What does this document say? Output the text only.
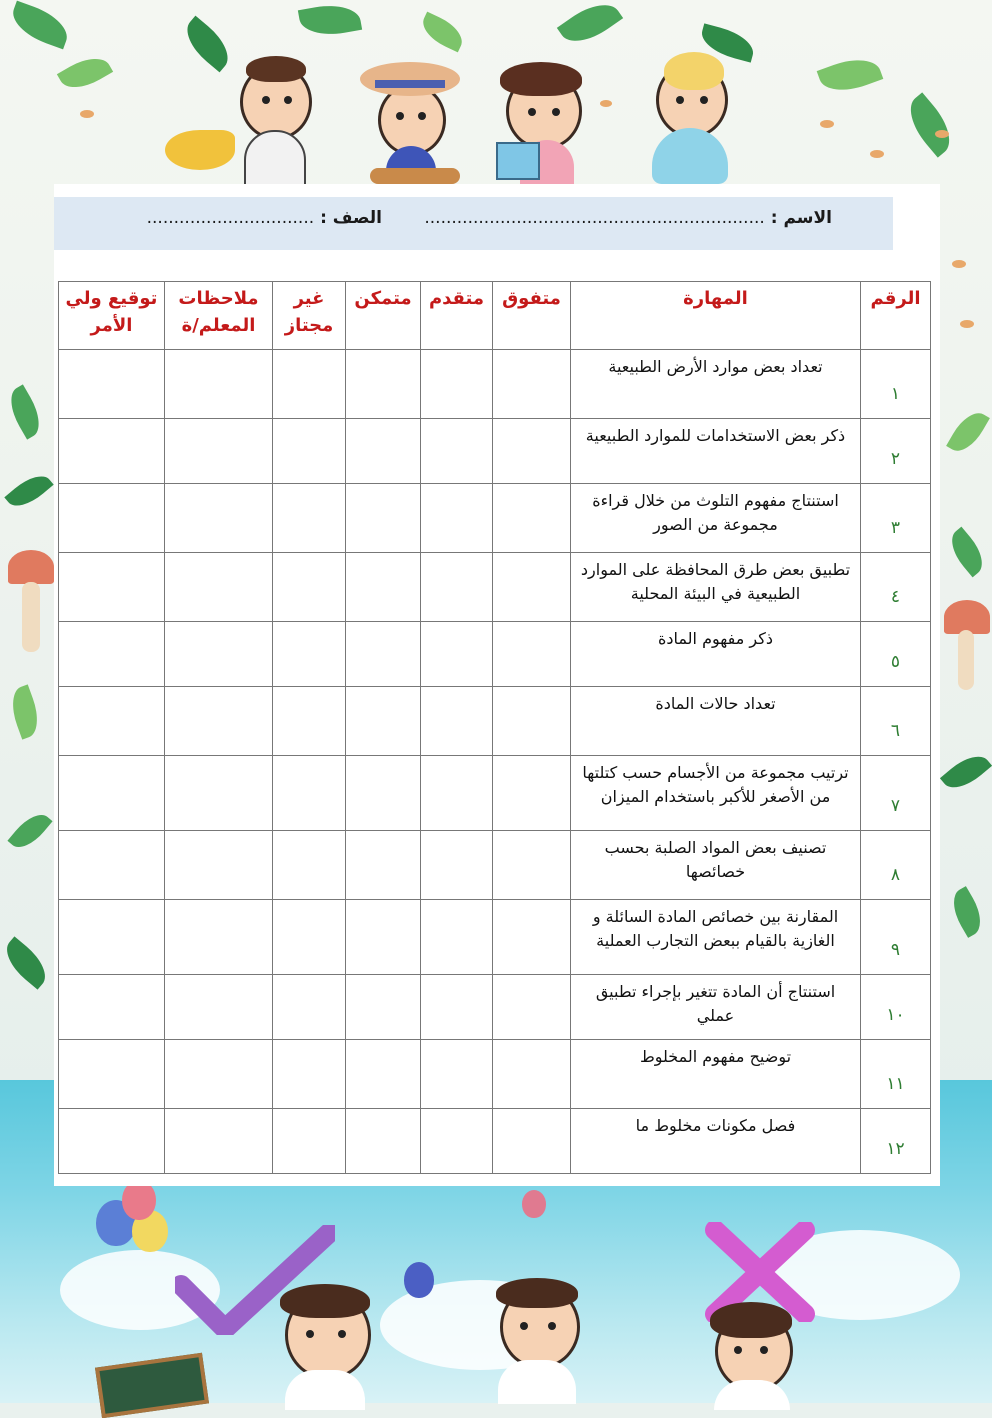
الاسم : ...............................................................
الصف : ...............................
الرقم	المهارة	متفوق	متقدم	متمكن	غير مجتاز	ملاحظات المعلم/ة	توقيع ولي الأمر
١	تعداد بعض موارد الأرض الطبيعية						
٢	ذكر بعض الاستخدامات للموارد الطبيعية						
٣	استنتاج مفهوم التلوث من خلال قراءة مجموعة من الصور						
٤	تطبيق بعض طرق المحافظة على الموارد الطبيعية في البيئة المحلية						
٥	ذكر مفهوم المادة						
٦	تعداد حالات المادة						
٧	ترتيب مجموعة من الأجسام حسب كتلتها من الأصغر للأكبر باستخدام الميزان						
٨	تصنيف بعض المواد الصلبة بحسب خصائصها						
٩	المقارنة بين خصائص المادة السائلة و الغازية بالقيام ببعض التجارب العملية						
١٠	استنتاج أن المادة تتغير بإجراء تطبيق عملي						
١١	توضيح مفهوم المخلوط						
١٢	فصل مكونات مخلوط ما						
